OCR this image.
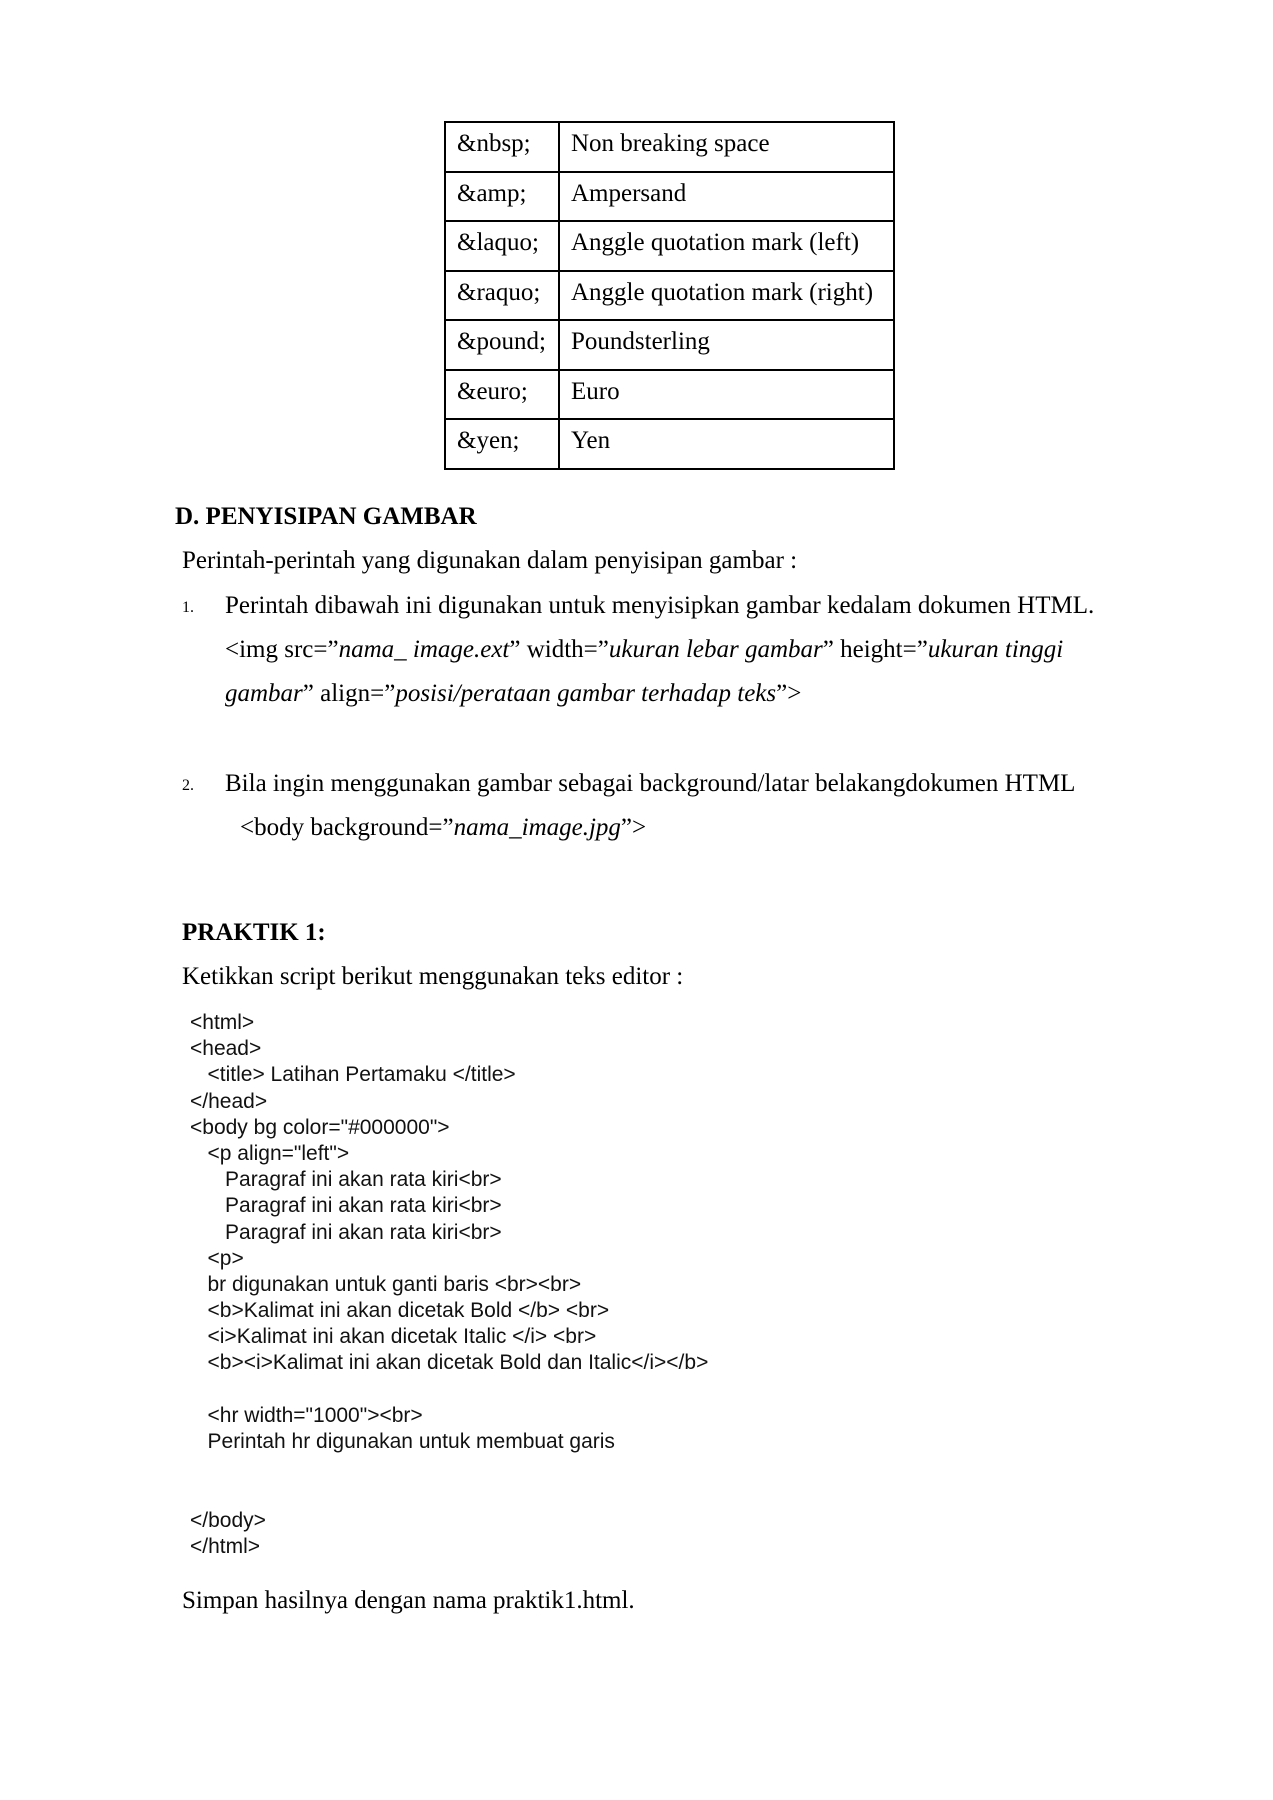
&nbsp;	Non breaking space
&amp;	Ampersand
&laquo;	Anggle quotation mark (left)
&raquo;	Anggle quotation mark (right)
&pound;	Poundsterling
&euro;	Euro
&yen;	Yen
D. PENYISIPAN GAMBAR
Perintah-perintah yang digunakan dalam penyisipan gambar :
1. Perintah dibawah ini digunakan untuk menyisipkan gambar kedalam dokumen HTML.
<img src=”nama_ image.ext” width=”ukuran lebar gambar” height=”ukuran tinggi
gambar” align=”posisi/perataan gambar terhadap teks”>
2. Bila ingin menggunakan gambar sebagai background/latar belakangdokumen HTML
<body background=”nama_image.jpg”>
PRAKTIK 1:
Ketikkan script berikut menggunakan teks editor :
<html>
<head>
<title> Latihan Pertamaku </title>
</head>
<body bg color="#000000">
<p align="left">
Paragraf ini akan rata kiri<br>
Paragraf ini akan rata kiri<br>
Paragraf ini akan rata kiri<br>
<p>
br digunakan untuk ganti baris <br><br>
<b>Kalimat ini akan dicetak Bold </b> <br>
<i>Kalimat ini akan dicetak Italic </i> <br>
<b><i>Kalimat ini akan dicetak Bold dan Italic</i></b>
<hr width="1000"><br>
Perintah hr digunakan untuk membuat garis
</body>
</html>
Simpan hasilnya dengan nama praktik1.html.
